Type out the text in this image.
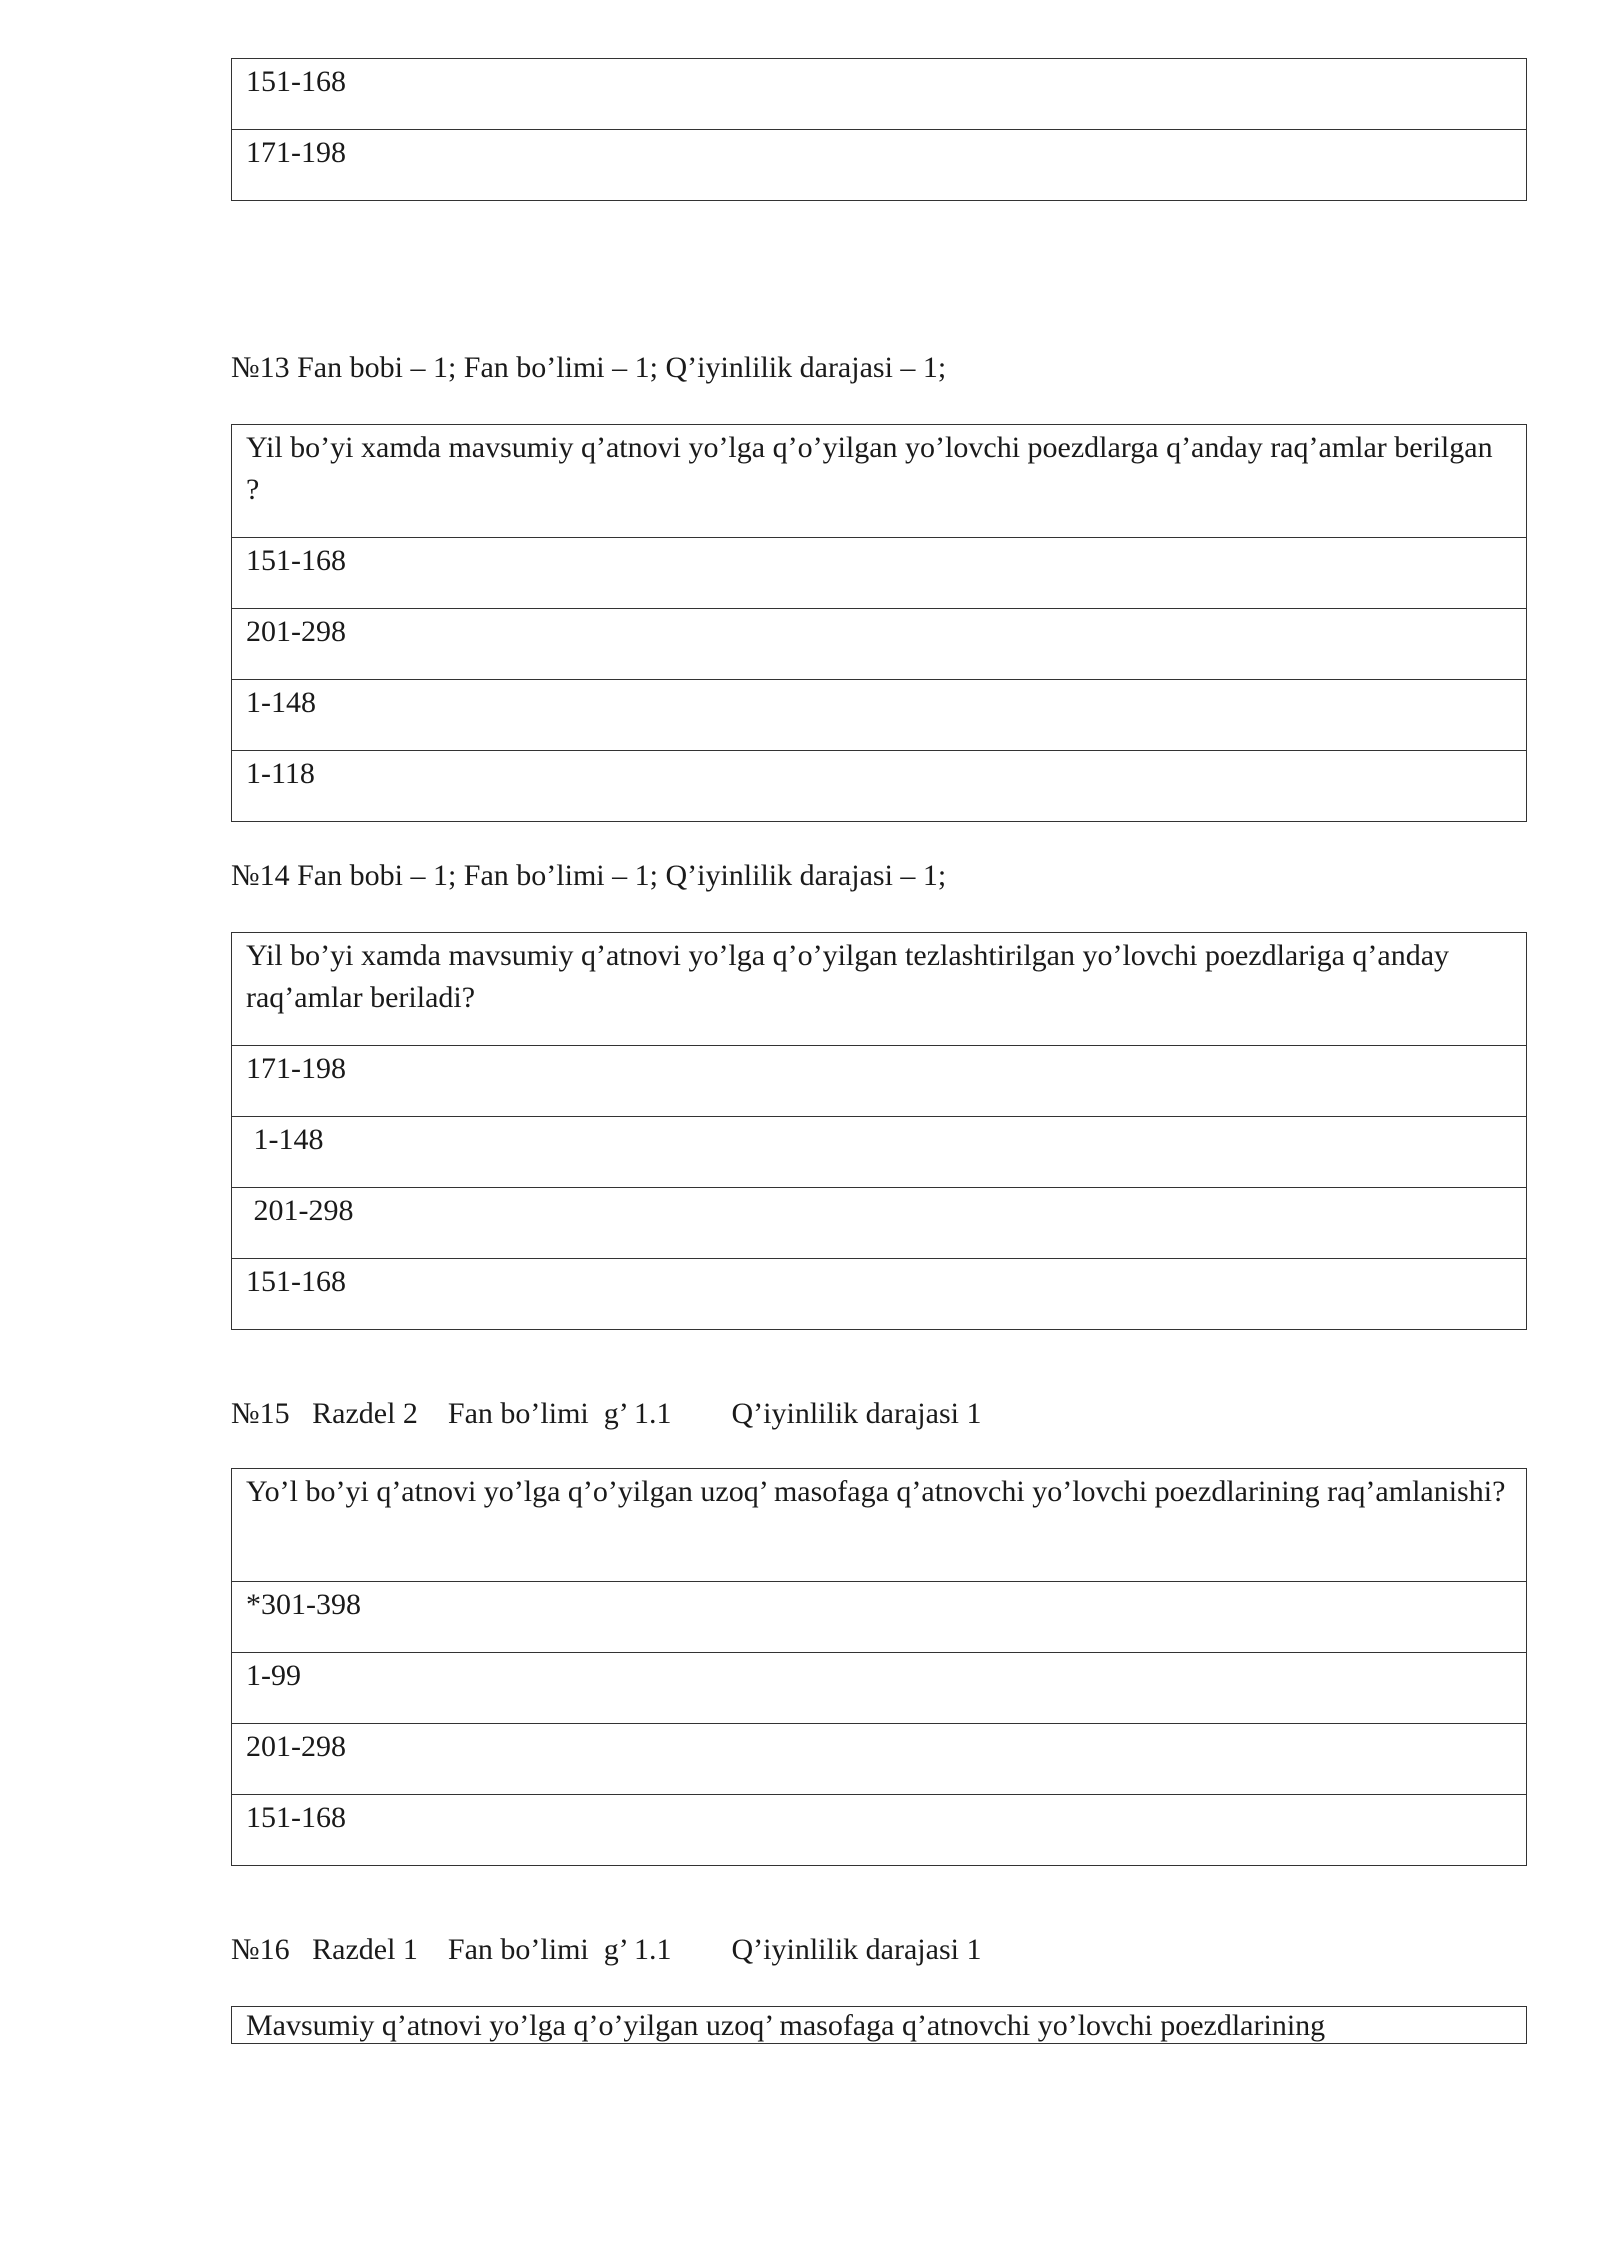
151-168
171-198
№13 Fan bobi – 1; Fan bo’limi – 1; Q’iyinlilik darajasi – 1;
Yil bo’yi xamda mavsumiy q’atnovi yo’lga q’o’yilgan yo’lovchi poezdlarga q’anday raq’amlar berilgan ?
151-168
201-298
1-148
1-118
№14 Fan bobi – 1; Fan bo’limi – 1; Q’iyinlilik darajasi – 1;
Yil bo’yi xamda mavsumiy q’atnovi yo’lga q’o’yilgan tezlashtirilgan yo’lovchi poezdlariga q’anday raq’amlar beriladi?
171-198
1-148
201-298
151-168
№15   Razdel 2    Fan bo’limi  g’ 1.1        Q’iyinlilik darajasi 1
Yo’l bo’yi q’atnovi yo’lga q’o’yilgan uzoq’ masofaga q’atnovchi yo’lovchi poezdlarining raq’amlanishi?
*301-398
1-99
201-298
151-168
№16   Razdel 1    Fan bo’limi  g’ 1.1        Q’iyinlilik darajasi 1
Mavsumiy q’atnovi yo’lga q’o’yilgan uzoq’ masofaga q’atnovchi yo’lovchi poezdlarining
